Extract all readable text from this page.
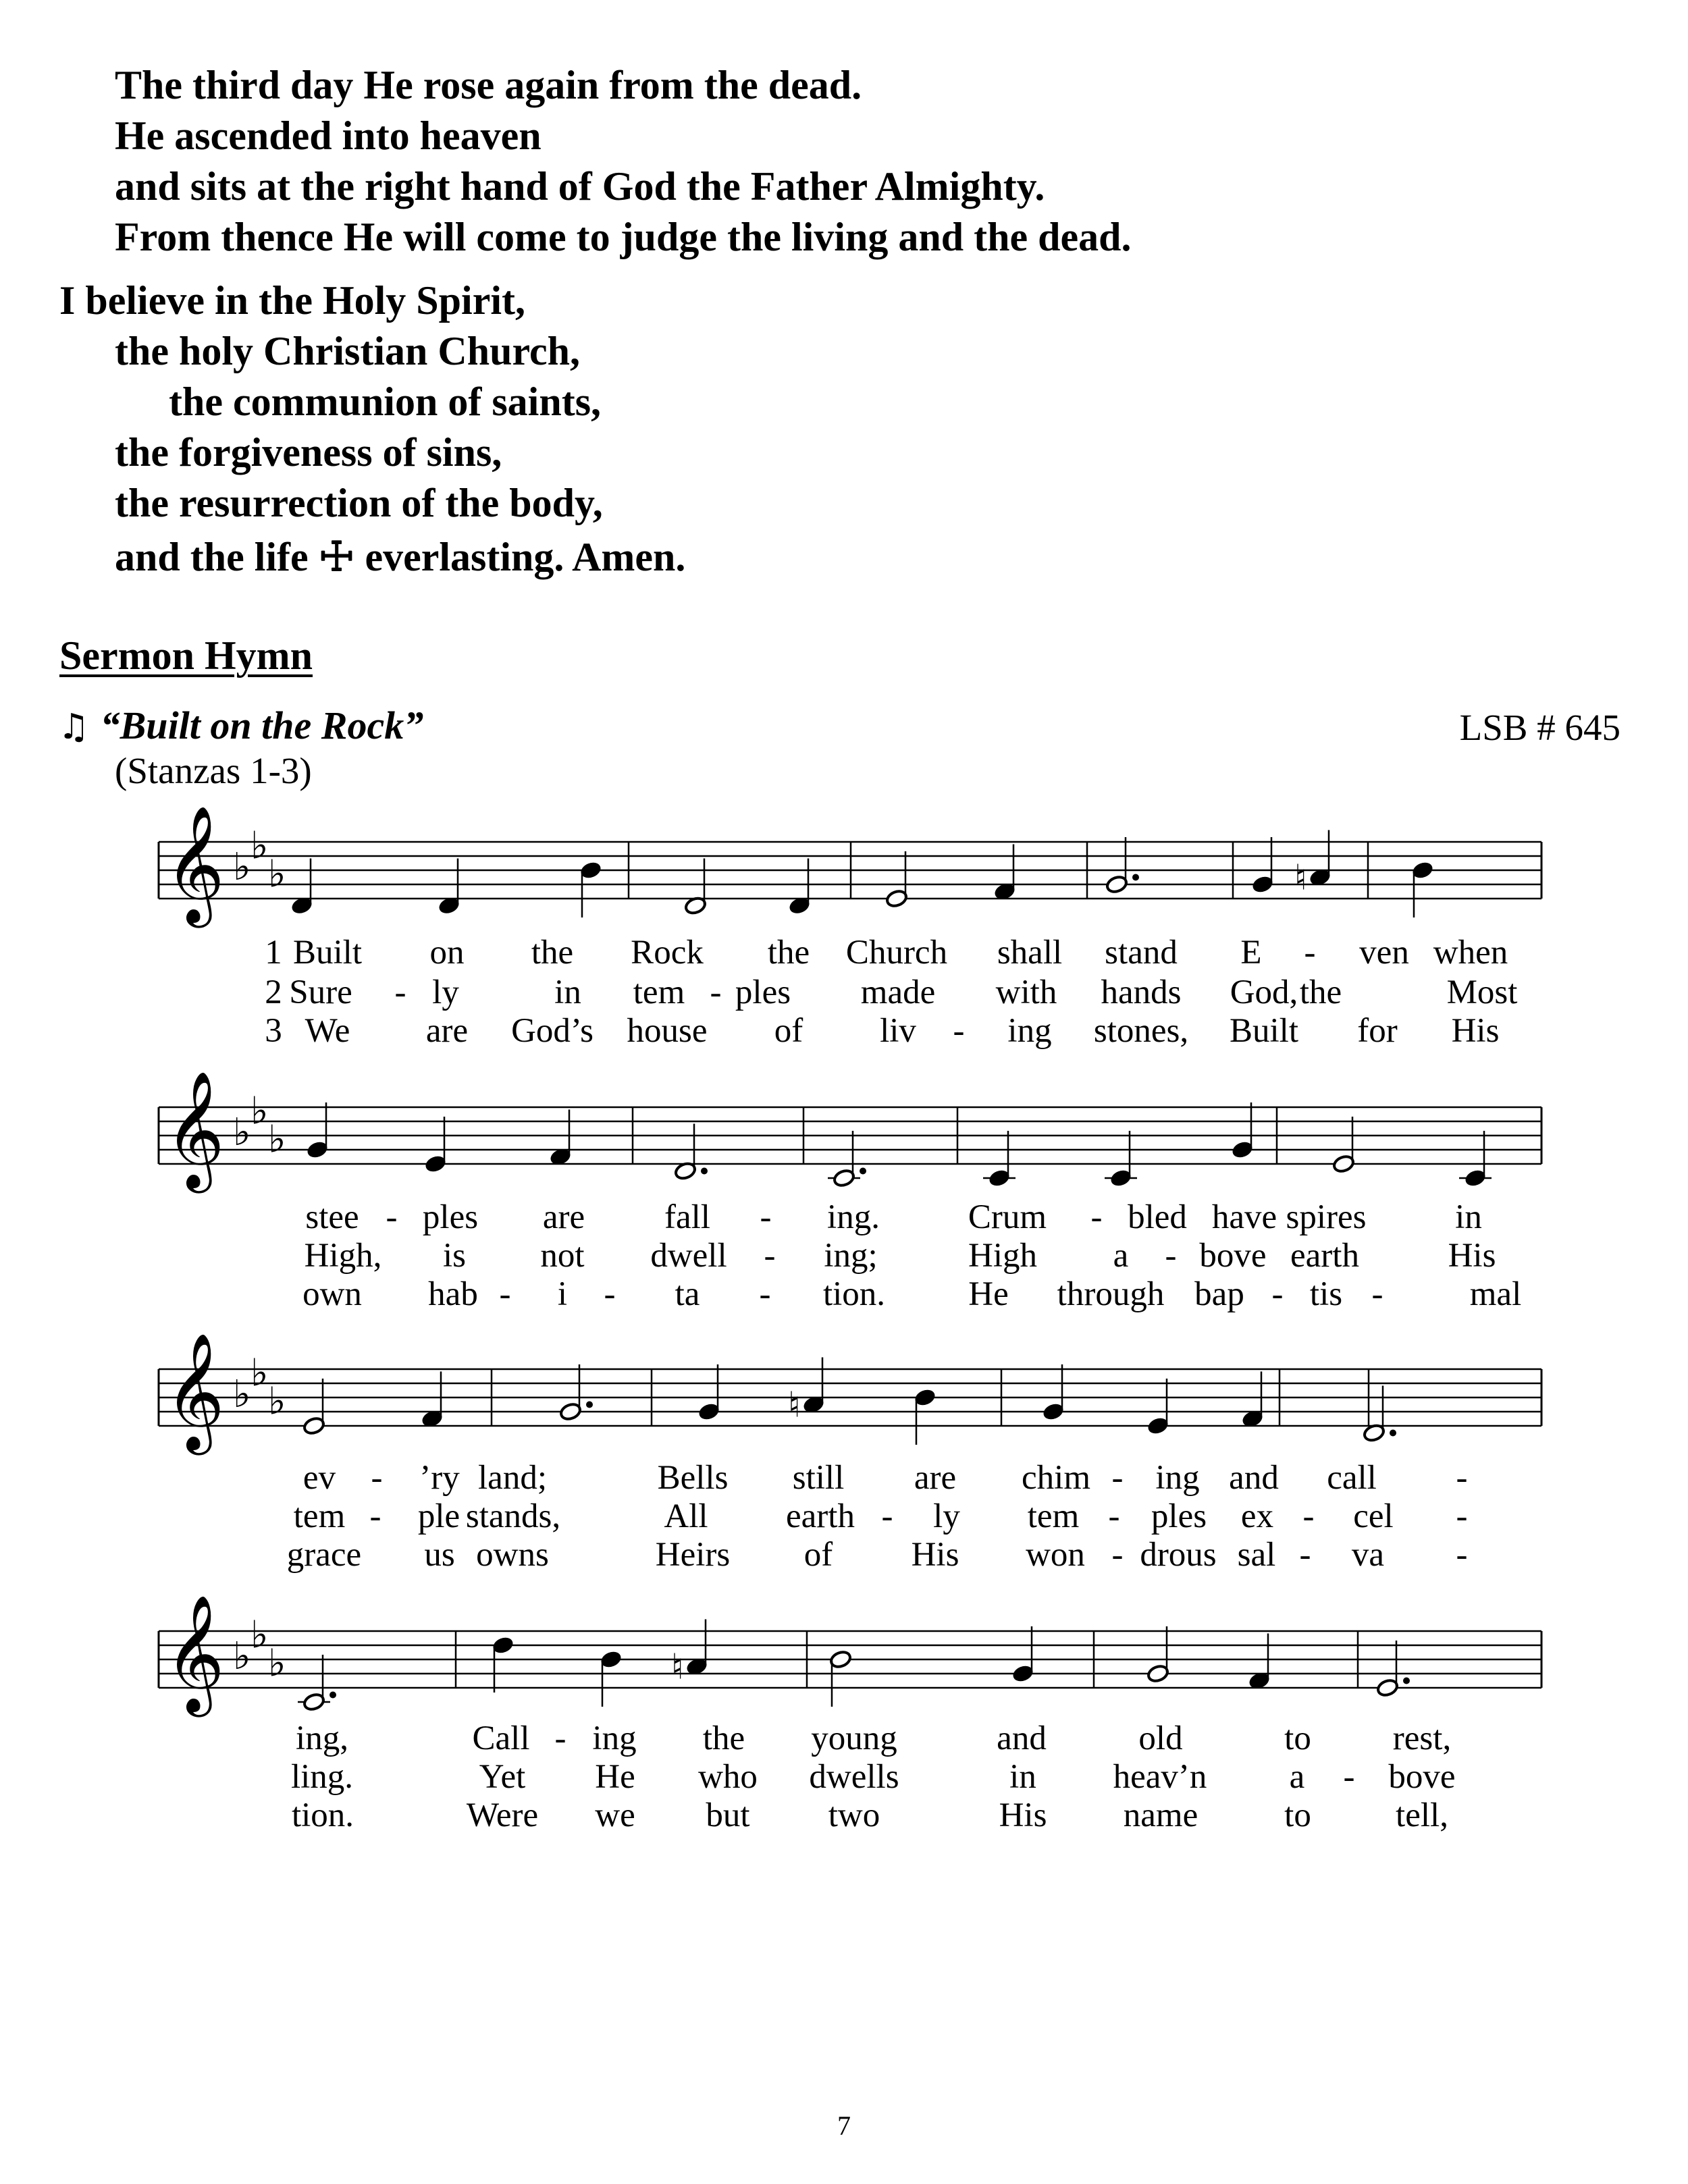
The third day He rose again from the dead.
He ascended into heaven
and sits at the right hand of God the Father Almighty.
From thence He will come to judge the living and the dead.
I believe in the Holy Spirit,
the holy Christian Church,
the communion of saints,
the forgiveness of sins,
the resurrection of the body,
and the life ☩ everlasting. Amen.
Sermon Hymn
♫ “Built on the Rock”	LSB # 645
(Stanzas 1-3)
𝄞 ♭ ♭
♭	♮
𝄞 ♭ ♭
♭
𝄞 ♭ ♭
♭	♮
𝄞 ♭ ♭
♭	♮
1 Built on the Rock the Church shall stand E - ven when
2 Sure - ly	in tem - ples made with hands God, the	Most
3 We are God’s house of liv - ing stones, Built for His
stee - ples are fall - ing.	Crum - bled have spires	in
High, is not dwell - ing;	High a - bove earth	His
own hab - i - ta - tion. He through bap - tis -	mal
ev - ’ry land;	Bells still are chim - ing and call -
tem - ple stands,	All earth - ly tem - ples ex - cel -
grace us owns	Heirs of His won - drous sal - va -
ing,	Call - ing the young	and	old	to rest,
ling.	Yet He who dwells	in heav’n a - bove
tion.	Were we but two	His name	to tell,
7
